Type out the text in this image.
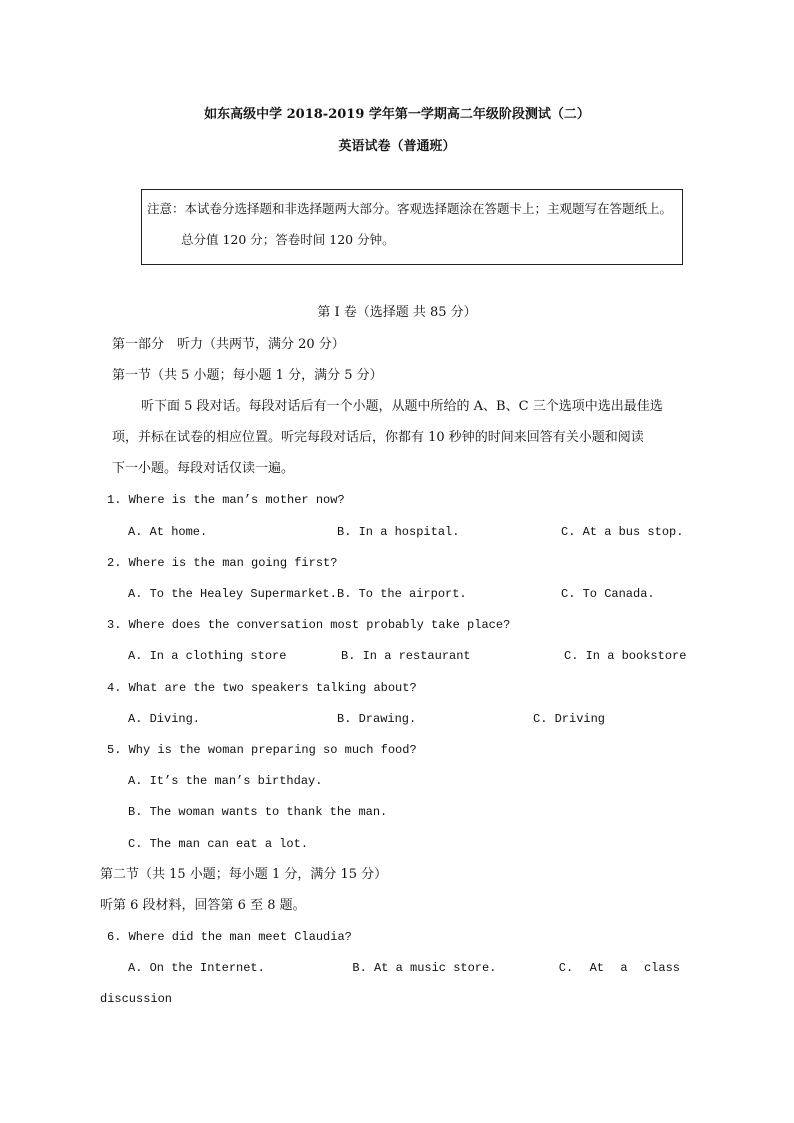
如东高级中学 2018-2019 学年第一学期高二年级阶段测试（二）
英语试卷（普通班）
注意：本试卷分选择题和非选择题两大部分。客观选择题涂在答题卡上；主观题写在答题纸上。
总分值 120 分；答卷时间 120 分钟。
第 I 卷（选择题 共 85 分）
第一部分　听力（共两节，满分 20 分）
第一节（共 5 小题；每小题 1 分，满分 5 分）
听下面 5 段对话。每段对话后有一个小题，从题中所给的 A、B、C 三个选项中选出最佳选
项，并标在试卷的相应位置。听完每段对话后，你都有 10 秒钟的时间来回答有关小题和阅读
下一小题。每段对话仅读一遍。
1. Where is the man’s mother now?
A. At home.	B. In a hospital.	C. At a bus stop.
2. Where is the man going first?
A. To the Healey Supermarket. B. To the airport.	C. To Canada.
3. Where does the conversation most probably take place?
A. In a clothing store	B. In a restaurant	C. In a bookstore
4. What are the two speakers talking about?
A. Diving.	B. Drawing.	C. Driving
5. Why is the woman preparing so much food?
A. It’s the man’s birthday.
B. The woman wants to thank the man.
C. The man can eat a lot.
第二节（共 15 小题；每小题 1 分，满分 15 分）
听第 6 段材料，回答第 6 至 8 题。
6. Where did the man meet Claudia?
A. On the Internet.	B. At a music store.	C. At a class
discussion
